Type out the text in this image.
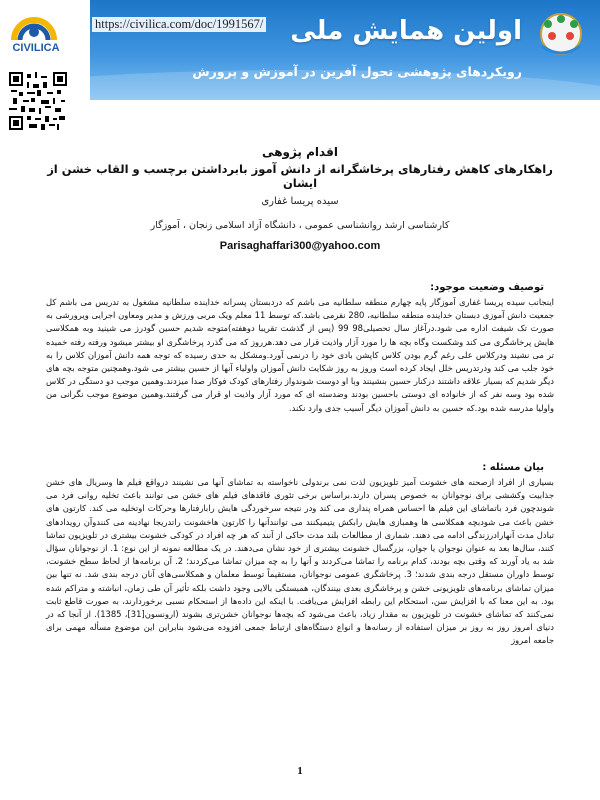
اولین همایش ملی
رویکردهای پژوهشی تحول آفرین در آموزش و پرورش
CIVILICA
https://civilica.com/doc/1991567/
اقدام پژوهی
راهکارهای کاهش رفتارهای پرخاشگرانه از دانش آموز بابرداشتن برچسب و القاب خشن از ایشان
سیده پریسا غفاری
کارشناسی ارشد روانشناسی عمومی ، دانشگاه آزاد اسلامی زنجان ، آموزگار
Parisaghaffari300@yahoo.com
توصیف وضعیت موجود:
اینجانب سیده پریسا غفاری آموزگار پایه چهارم منطقه سلطانیه می باشم که دردبستان پسرانه خداینده سلطانیه مشغول به تدریس می باشم کل جمعیت دانش آموزی دبستان خداینده منطقه سلطانیه، 280 نفرمی باشد.که توسط 11 معلم ویک مربی ورزش و مدیر ومعاون اجرایی ویرورشی به صورت تک شیفت اداره می شود.درآغاز سال تحصیلی98 99 (پس از گذشت تقریبا دوهفته)متوجه شدیم حسین گودرز می شینید وبه همکلاسی هایش پرخاشگری می کند وشکست وگاه بچه ها را مورد آزار واذیت قرار می دهد.هرروز که می گذرد پرخاشگری او بیشتر میشود ورفته رفته خمیده تر می نشیند ودرکلاس علی رغم گرم بودن کلاس کاپشن بادی خود را درنمی آورد.ومشکل به حدی رسیده که توجه همه دانش آموزان کلاس را به خود جلب می کند ودرتدریس خلل ایجاد کرده است وروز به روز شکایت دانش آموزان واولیاء آنها از حسین بیشتر می شود.وهمچنین متوجه بچه های دیگر شدیم که بسیار علاقه داشتند درکنار حسین بنشینند وبا او دوست شوندواز رفتارهای کودک فوکار صدا میزدند.وهمین موجب دو دستگی در کلاس شده بود وسه نفر که از خانواده ای دوستی باحسین بودند وضدسته ای که مورد آزار واذیت او قرار می گرفتند.وهمین موضوع موجب نگرانی من واولیا مدرسه شده بود.که حسین به دانش آموزان دیگر آسیب جدی وارد نکند.
بیان مسئله :
بسیاری از افراد ازصحنه های خشونت آمیز تلویزیون لذت نمی برندولی ناخواسته به تماشای آنها می نشینند درواقع فیلم ها وسریال های خشن جذابیت وکششی برای نوجوانان به خصوص پسران دارند.براساس برخی تئوری فاقدهای فیلم های خشن می توانند باعث تخلیه روانی فرد می شوندچون فرد باتماشای این فیلم ها احساس همراه پنداری می کند ودر نتیجه سرخوردگی هایش رابارفتارها وحرکات اوتخلیه می کند. کارتون های خشن باعث می شودبچه همکلاسی ها وهمبازی هایش رابکش یتیمیکنند می توانندآنها را کارتون هاخشونت راتدریجا نهادینه می کنندوآن رویدادهای تبادل مدت آنهارادرزندگی ادامه می دهند. شماری از مطالعات بلند مدت حاکی از آنند که هر چه افراد در کودکی خشونت بیشتری در تلویزیون تماشا کنند، سال‌ها بعد به عنوان نوجوان یا جوان، بزرگسال خشونت بیشتری از خود نشان می‌دهند. در یک مطالعه نمونه از این نوع: 1. از نوجوانان سؤال شد به یاد آورند که وقتی بچه بودند، کدام برنامه را تماشا می‌کردند و آنها را به چه میزان تماشا می‌کردند؛ 2. آن برنامه‌ها از لحاظ سطح خشونت، توسط داوران مستقل درجه بندی شدند؛ 3. پرخاشگری عمومی نوجوانان، مستقیماً توسط معلمان و همکلاسی‌های آنان درجه بندی شد. نه تنها بین میزان تماشای برنامه‌های تلویزیونی خشن و پرخاشگری بعدی بینندگان، همبستگی بالایی وجود داشت بلکه تأثیر آن طی زمان، انباشته و متراکم شده بود. به این معنا که با افزایش سن، استحکام این رابطه افزایش می‌یافت. با اینکه این داده‌ها از استحکام نسبی برخوردارند، به صورت قاطع ثابت نمی‌کنند که تماشای خشونت در تلویزیون به مقدار زیاد، باعث می‌شود که بچه‌ها نوجوانان خشن‌تری بشوند (ارونسون[31]، 1385). از آنجا که در دنیای امروز روز به روز بر میزان استفاده از رسانه‌ها و انواع دستگاه‌های ارتباط جمعی افزوده می‌شود بنابراین این موضوع مسأله مهمی برای جامعه امروز
1
